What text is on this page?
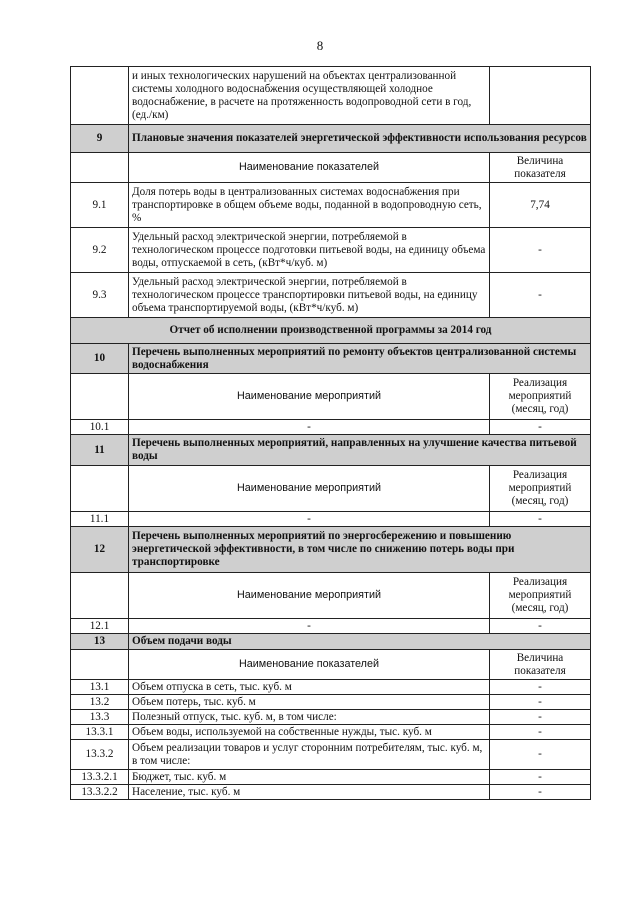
8
	и иных технологических нарушений на объектах централизованной системы холодного водоснабжения осуществляющей холодное водоснабжение, в расчете на протяженность водопроводной сети в год, (ед./км)	
9	Плановые значения показателей энергетической эффективности использования ресурсов	
	Наименование показателей	Величина показателя
9.1	Доля потерь воды в централизованных системах водоснабжения при транспортировке в общем объеме воды, поданной в водопроводную сеть, %	7,74
9.2	Удельный расход электрической энергии, потребляемой в технологическом процессе подготовки питьевой воды, на единицу объема воды, отпускаемой в сеть, (кВт*ч/куб. м)	-
9.3	Удельный расход электрической энергии, потребляемой в технологическом процессе транспортировки питьевой воды, на единицу объема транспортируемой воды, (кВт*ч/куб. м)	-
Отчет об исполнении производственной программы за 2014 год		
10	Перечень выполненных мероприятий по ремонту объектов централизованной системы водоснабжения	
	Наименование мероприятий	Реализация мероприятий (месяц, год)
10.1	-	-
11	Перечень выполненных мероприятий, направленных на улучшение качества питьевой воды	
	Наименование мероприятий	Реализация мероприятий (месяц, год)
11.1	-	-
12	Перечень выполненных мероприятий по энергосбережению и повышению энергетической эффективности, в том числе по снижению потерь воды при транспортировке	
	Наименование мероприятий	Реализация мероприятий (месяц, год)
12.1	-	-
13	Объем подачи воды	
	Наименование показателей	Величина показателя
13.1	Объем отпуска в сеть, тыс. куб. м	-
13.2	Объем потерь, тыс. куб. м	-
13.3	Полезный отпуск, тыс. куб. м, в том числе:	-
13.3.1	Объем воды, используемой на собственные нужды, тыс. куб. м	-
13.3.2	Объем реализации товаров и услуг сторонним потребителям, тыс. куб. м, в том числе:	-
13.3.2.1	Бюджет, тыс. куб. м	-
13.3.2.2	Население, тыс. куб. м	-
